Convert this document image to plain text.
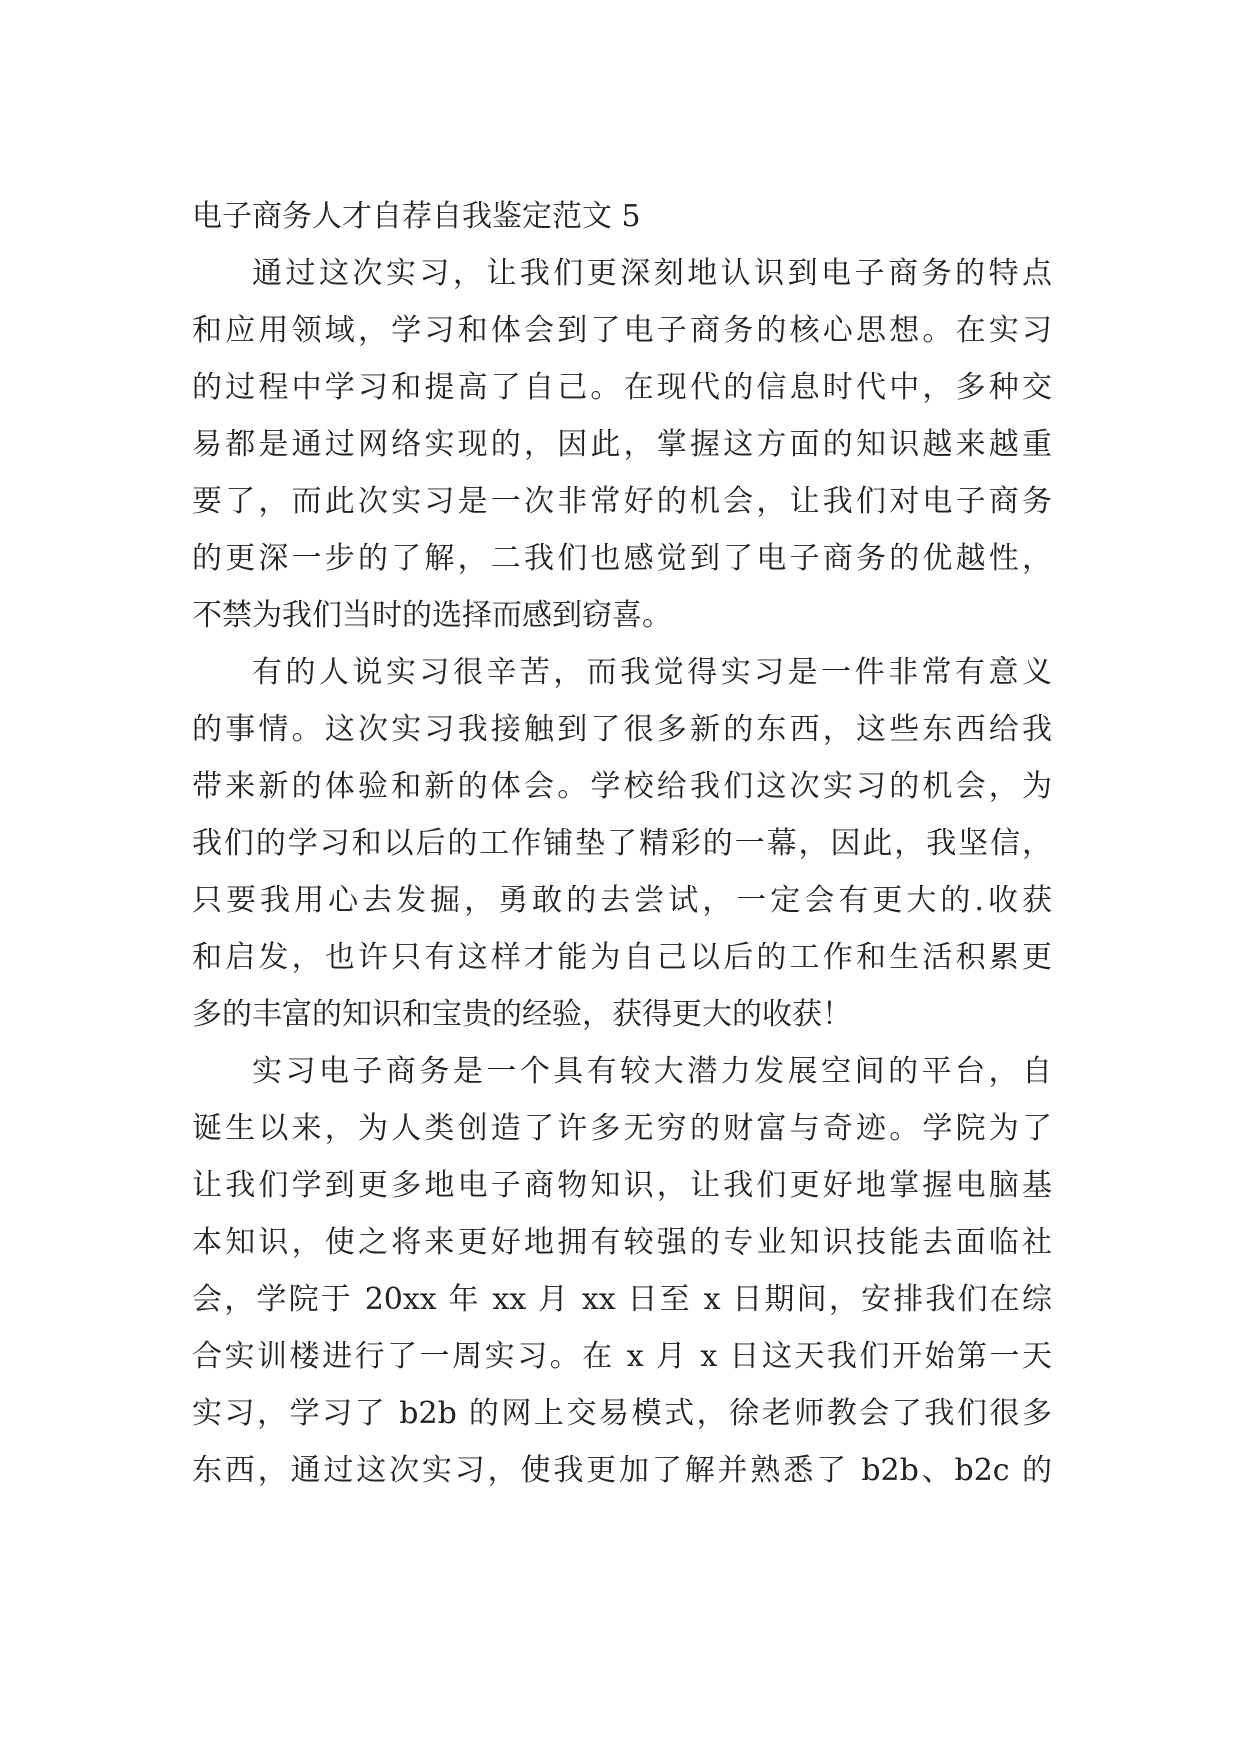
电子商务人才自荐自我鉴定范文 5
通过这次实习，让我们更深刻地认识到电子商务的特点
和应用领域，学习和体会到了电子商务的核心思想。在实习
的过程中学习和提高了自己。在现代的信息时代中，多种交
易都是通过网络实现的，因此，掌握这方面的知识越来越重
要了，而此次实习是一次非常好的机会，让我们对电子商务
的更深一步的了解，二我们也感觉到了电子商务的优越性，
不禁为我们当时的选择而感到窃喜。
有的人说实习很辛苦，而我觉得实习是一件非常有意义
的事情。这次实习我接触到了很多新的东西，这些东西给我
带来新的体验和新的体会。学校给我们这次实习的机会，为
我们的学习和以后的工作铺垫了精彩的一幕，因此，我坚信，
只要我用心去发掘，勇敢的去尝试，一定会有更大的.收获
和启发，也许只有这样才能为自己以后的工作和生活积累更
多的丰富的知识和宝贵的经验，获得更大的收获！
实习电子商务是一个具有较大潜力发展空间的平台，自
诞生以来，为人类创造了许多无穷的财富与奇迹。学院为了
让我们学到更多地电子商物知识，让我们更好地掌握电脑基
本知识，使之将来更好地拥有较强的专业知识技能去面临社
会，学院于 20xx 年 xx 月 xx 日至 x 日期间，安排我们在综
合实训楼进行了一周实习。在 x 月 x 日这天我们开始第一天
实习，学习了 b2b 的网上交易模式，徐老师教会了我们很多
东西，通过这次实习，使我更加了解并熟悉了 b2b、b2c 的
